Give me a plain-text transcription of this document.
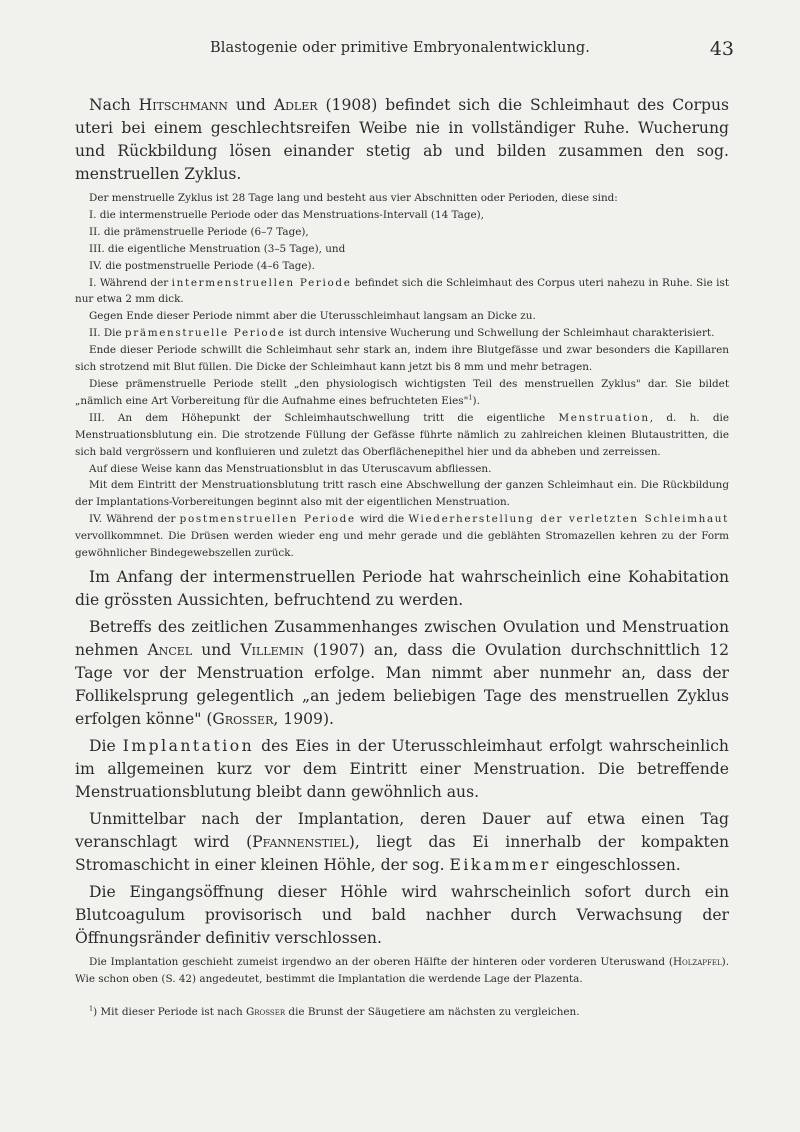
Blastogenie oder primitive Embryonalentwicklung.	43

Nach Hitschmann und Adler (1908) befindet sich die Schleimhaut des Corpus uteri bei einem geschlechtsreifen Weibe nie in vollständiger Ruhe. Wucherung und Rückbildung lösen einander stetig ab und bilden zusammen den sog. menstruellen Zyklus.

Der menstruelle Zyklus ist 28 Tage lang und besteht aus vier Abschnitten oder Perioden, diese sind:

I. die intermenstruelle Periode oder das Menstruations-Intervall (14 Tage),
II. die prämenstruelle Periode (6–7 Tage),
III. die eigentliche Menstruation (3–5 Tage), und
IV. die postmenstruelle Periode (4–6 Tage).

I. Während der intermenstruellen Periode befindet sich die Schleimhaut des Corpus uteri nahezu in Ruhe. Sie ist nur etwa 2 mm dick.

Gegen Ende dieser Periode nimmt aber die Uterusschleimhaut langsam an Dicke zu.

II. Die prämenstruelle Periode ist durch intensive Wucherung und Schwellung der Schleimhaut charakterisiert.

Ende dieser Periode schwillt die Schleimhaut sehr stark an, indem ihre Blutgefässe und zwar besonders die Kapillaren sich strotzend mit Blut füllen. Die Dicke der Schleimhaut kann jetzt bis 8 mm und mehr betragen.

Diese prämenstruelle Periode stellt „den physiologisch wichtigsten Teil des menstruellen Zyklus" dar. Sie bildet „nämlich eine Art Vorbereitung für die Aufnahme eines befruchteten Eies"$^1$).

III. An dem Höhepunkt der Schleimhautschwellung tritt die eigentliche Menstruation, d. h. die Menstruationsblutung ein. Die strotzende Füllung der Gefässe führte nämlich zu zahlreichen kleinen Blutaustritten, die sich bald vergrössern und konfluieren und zuletzt das Oberflächenepithel hier und da abheben und zerreissen.

Auf diese Weise kann das Menstruationsblut in das Uteruscavum abfliessen.

Mit dem Eintritt der Menstruationsblutung tritt rasch eine Abschwellung der ganzen Schleimhaut ein. Die Rückbildung der Implantations-Vorbereitungen beginnt also mit der eigentlichen Menstruation.

IV. Während der postmenstruellen Periode wird die Wiederherstellung der verletzten Schleimhaut vervollkommnet. Die Drüsen werden wieder eng und mehr gerade und die geblähten Stromazellen kehren zu der Form gewöhnlicher Bindegewebszellen zurück.

Im Anfang der intermenstruellen Periode hat wahrscheinlich eine Kohabitation die grössten Aussichten, befruchtend zu werden.

Betreffs des zeitlichen Zusammenhanges zwischen Ovulation und Menstruation nehmen Ancel und Villemin (1907) an, dass die Ovulation durchschnittlich 12 Tage vor der Menstruation erfolge. Man nimmt aber nunmehr an, dass der Follikelsprung gelegentlich „an jedem beliebigen Tage des menstruellen Zyklus erfolgen könne" (Grosser, 1909).

Die Implantation des Eies in der Uterusschleimhaut erfolgt wahrscheinlich im allgemeinen kurz vor dem Eintritt einer Menstruation. Die betreffende Menstruationsblutung bleibt dann gewöhnlich aus.

Unmittelbar nach der Implantation, deren Dauer auf etwa einen Tag veranschlagt wird (Pfannenstiel), liegt das Ei innerhalb der kompakten Stromaschicht in einer kleinen Höhle, der sog. Eikammer eingeschlossen.

Die Eingangsöffnung dieser Höhle wird wahrscheinlich sofort durch ein Blutcoagulum provisorisch und bald nachher durch Verwachsung der Öffnungsränder definitiv verschlossen.

Die Implantation geschieht zumeist irgendwo an der oberen Hälfte der hinteren oder vorderen Uteruswand (Holzapfel). Wie schon oben (S. 42) angedeutet, bestimmt die Implantation die werdende Lage der Plazenta.

$^1$) Mit dieser Periode ist nach Grosser die Brunst der Säugetiere am nächsten zu vergleichen.
